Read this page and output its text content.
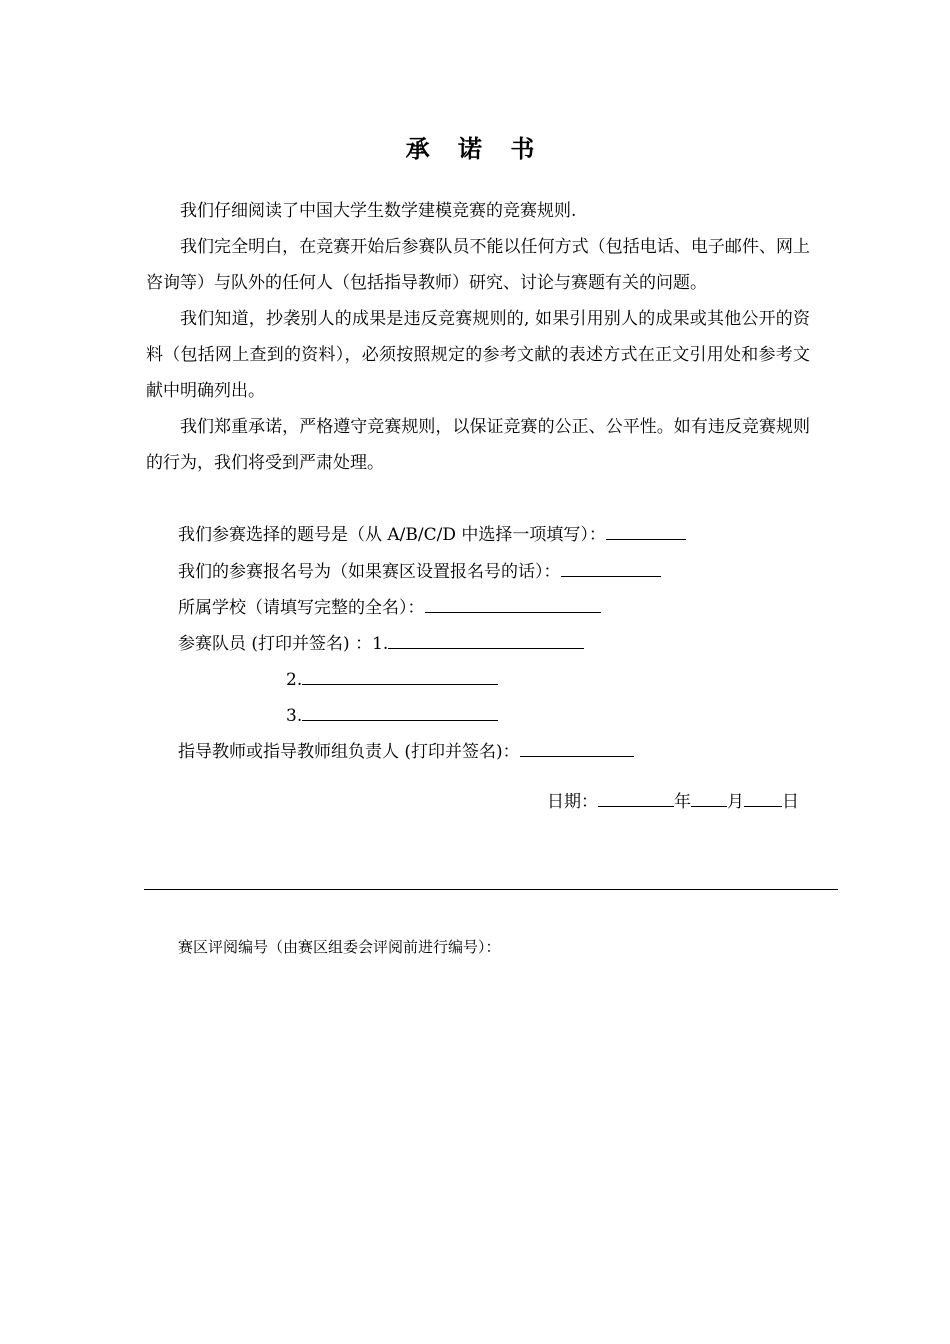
承 诺 书

我们仔细阅读了中国大学生数学建模竞赛的竞赛规则.

我们完全明白，在竞赛开始后参赛队员不能以任何方式（包括电话、电子邮件、网上咨询等）与队外的任何人（包括指导教师）研究、讨论与赛题有关的问题。

我们知道，抄袭别人的成果是违反竞赛规则的, 如果引用别人的成果或其他公开的资料（包括网上查到的资料），必须按照规定的参考文献的表述方式在正文引用处和参考文献中明确列出。

我们郑重承诺，严格遵守竞赛规则，以保证竞赛的公正、公平性。如有违反竞赛规则的行为，我们将受到严肃处理。

我们参赛选择的题号是（从 A/B/C/D 中选择一项填写）：
我们的参赛报名号为（如果赛区设置报名号的话）：
所属学校（请填写完整的全名）：
参赛队员 (打印并签名) ：1.
2.
3.
指导教师或指导教师组负责人 (打印并签名)：
日期：	年 月 日
赛区评阅编号（由赛区组委会评阅前进行编号）：
